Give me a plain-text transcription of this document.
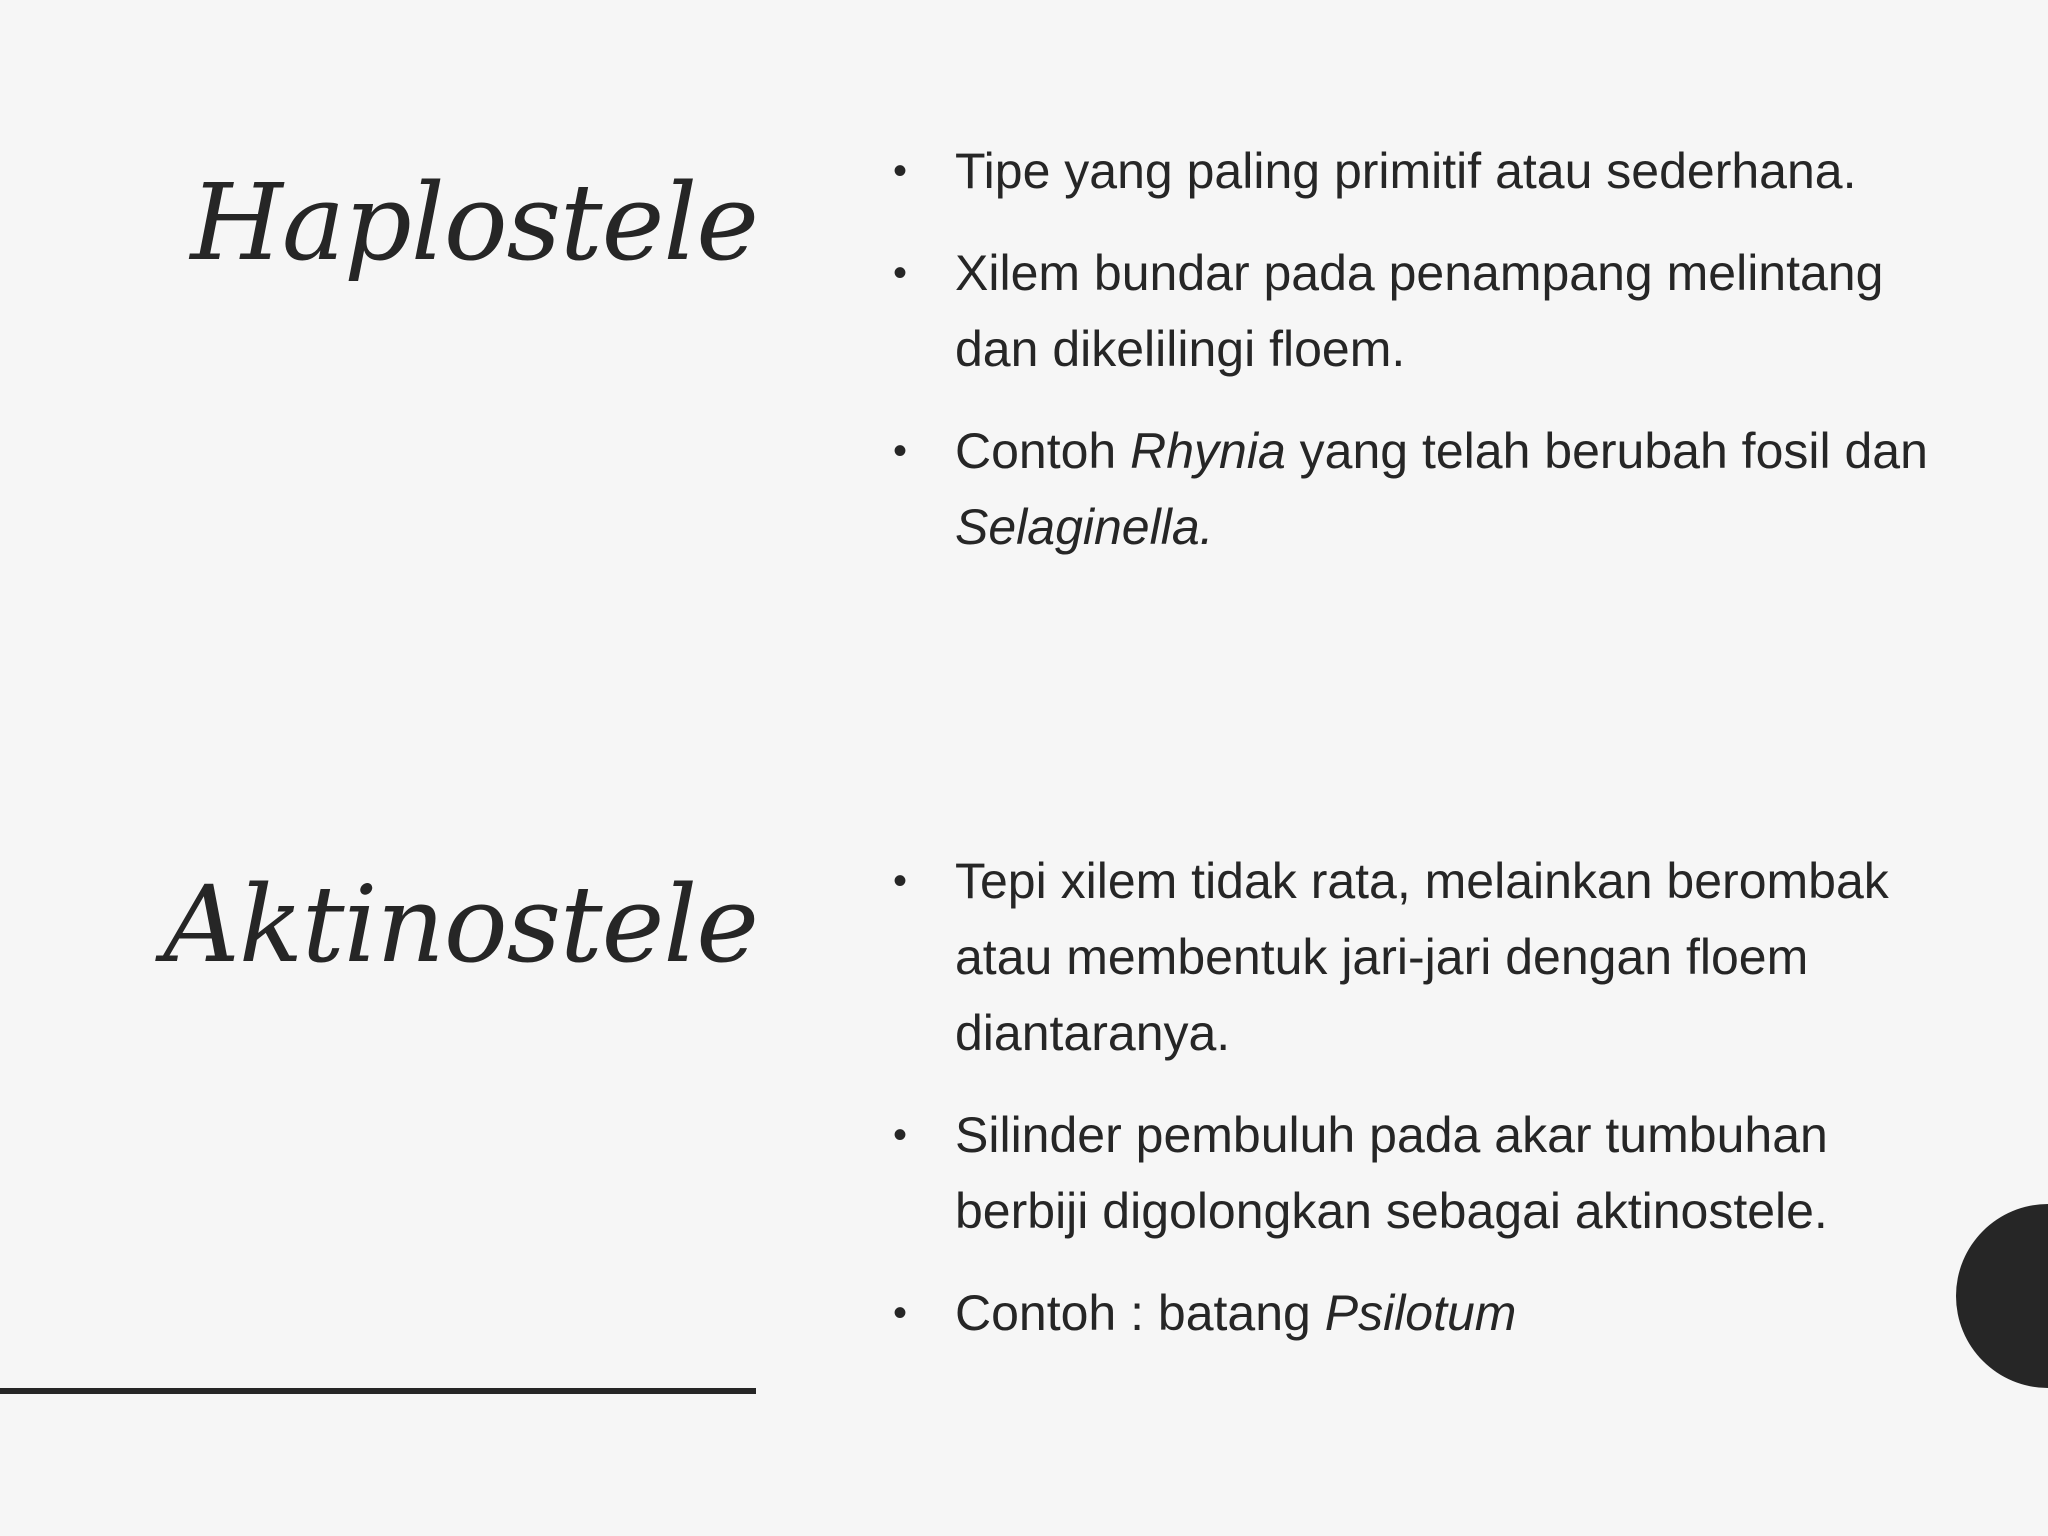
Haplostele	• Tipe yang paling primitif atau sederhana.
• Xilem bundar pada penampang melintang dan dikelilingi floem.
• Contoh Rhynia yang telah berubah fosil dan Selaginella.
Aktinostele	• Tepi xilem tidak rata, melainkan berombak atau membentuk jari-jari dengan floem diantaranya.
• Silinder pembuluh pada akar tumbuhan berbiji digolongkan sebagai aktinostele.
• Contoh : batang Psilotum
